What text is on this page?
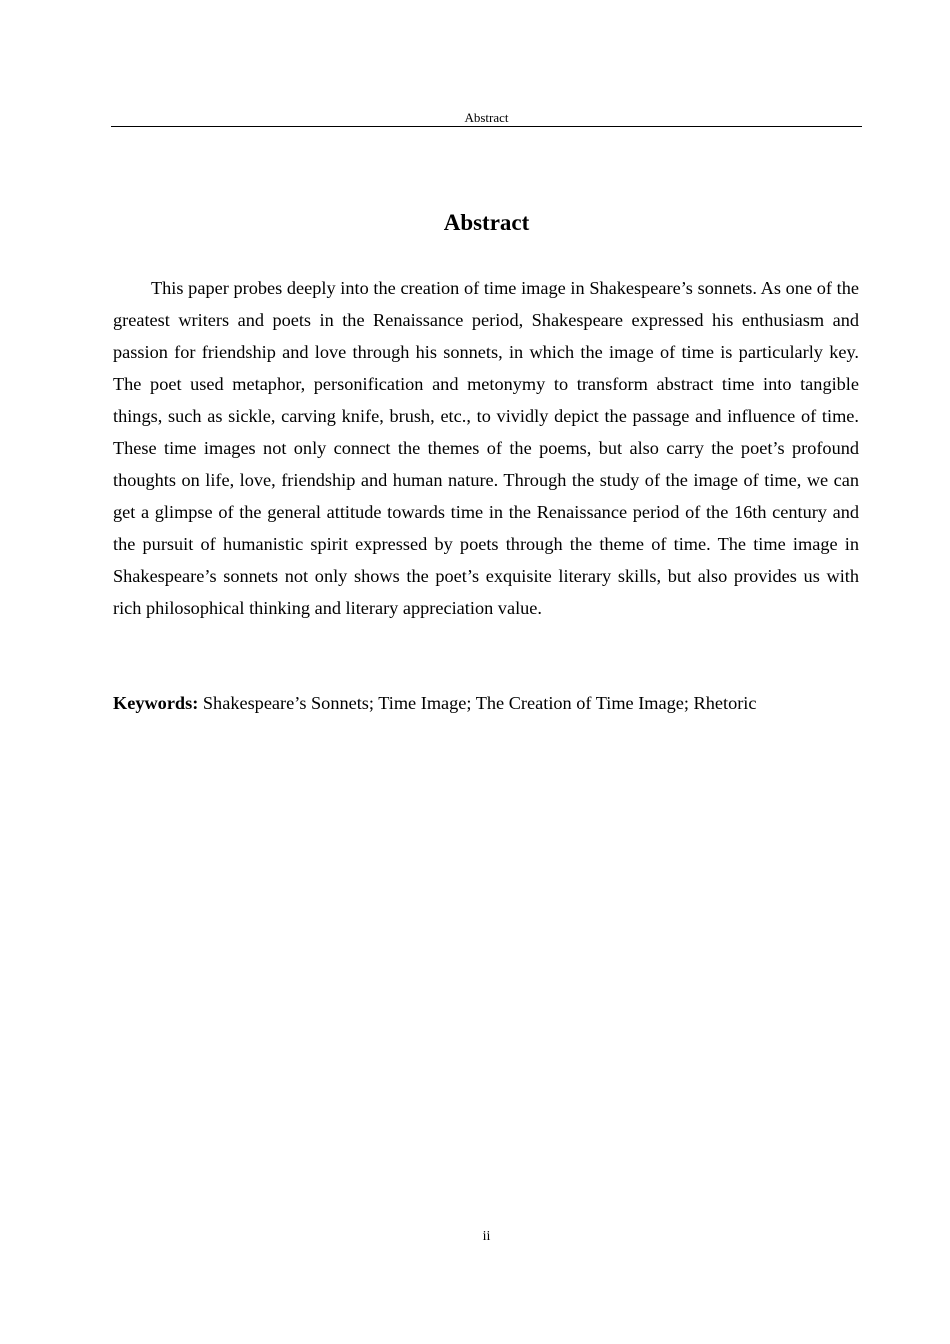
Abstract
Abstract

This paper probes deeply into the creation of time image in Shakespeare’s sonnets. As one of the greatest writers and poets in the Renaissance period, Shakespeare expressed his enthusiasm and passion for friendship and love through his sonnets, in which the image of time is particularly key. The poet used metaphor, personification and metonymy to transform abstract time into tangible things, such as sickle, carving knife, brush, etc., to vividly depict the passage and influence of time. These time images not only connect the themes of the poems, but also carry the poet’s profound thoughts on life, love, friendship and human nature. Through the study of the image of time, we can get a glimpse of the general attitude towards time in the Renaissance period of the 16th century and the pursuit of humanistic spirit expressed by poets through the theme of time. The time image in Shakespeare’s sonnets not only shows the poet’s exquisite literary skills, but also provides us with rich philosophical thinking and literary appreciation value.

Keywords: Shakespeare’s Sonnets; Time Image; The Creation of Time Image; Rhetoric

ii
